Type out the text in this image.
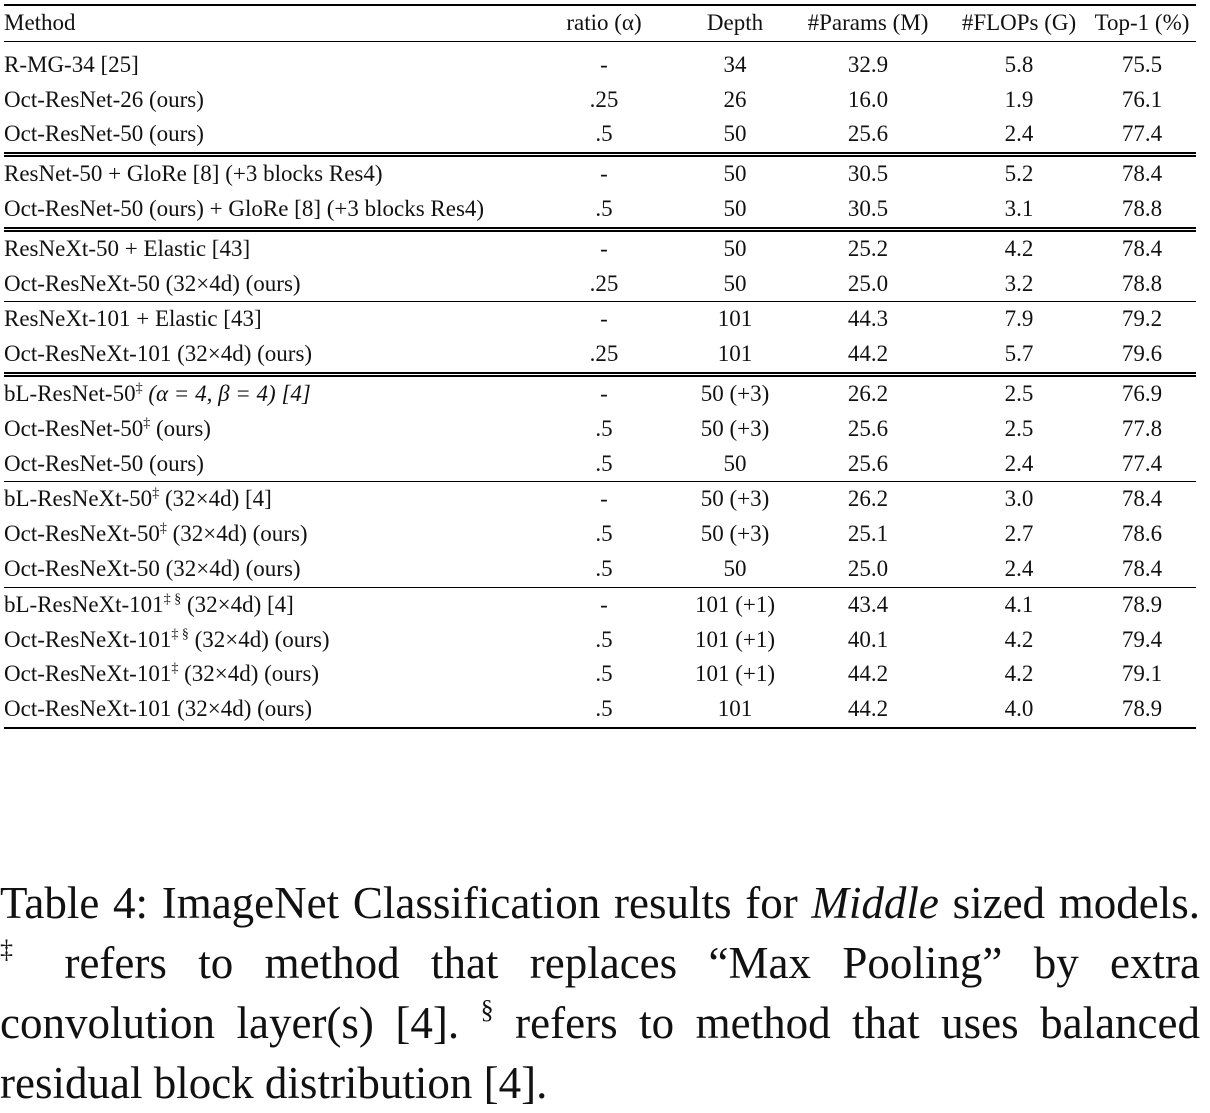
Method	ratio (α)	Depth	#Params (M)	#FLOPs (G)	Top-1 (%)
R-MG-34 [25]	-	34	32.9	5.8	75.5
Oct-ResNet-26 (ours)	.25	26	16.0	1.9	76.1
Oct-ResNet-50 (ours)	.5	50	25.6	2.4	77.4
ResNet-50 + GloRe [8] (+3 blocks Res4)	-	50	30.5	5.2	78.4
Oct-ResNet-50 (ours) + GloRe [8] (+3 blocks Res4)	.5	50	30.5	3.1	78.8
ResNeXt-50 + Elastic [43]	-	50	25.2	4.2	78.4
Oct-ResNeXt-50 (32×4d) (ours)	.25	50	25.0	3.2	78.8
ResNeXt-101 + Elastic [43]	-	101	44.3	7.9	79.2
Oct-ResNeXt-101 (32×4d) (ours)	.25	101	44.2	5.7	79.6
bL-ResNet-50‡ (α = 4, β = 4) [4]	-	50 (+3)	26.2	2.5	76.9
Oct-ResNet-50‡ (ours)	.5	50 (+3)	25.6	2.5	77.8
Oct-ResNet-50 (ours)	.5	50	25.6	2.4	77.4
bL-ResNeXt-50‡ (32×4d) [4]	-	50 (+3)	26.2	3.0	78.4
Oct-ResNeXt-50‡ (32×4d) (ours)	.5	50 (+3)	25.1	2.7	78.6
Oct-ResNeXt-50 (32×4d) (ours)	.5	50	25.0	2.4	78.4
bL-ResNeXt-101‡ § (32×4d) [4]	-	101 (+1)	43.4	4.1	78.9
Oct-ResNeXt-101‡ § (32×4d) (ours)	.5	101 (+1)	40.1	4.2	79.4
Oct-ResNeXt-101‡ (32×4d) (ours)	.5	101 (+1)	44.2	4.2	79.1
Oct-ResNeXt-101 (32×4d) (ours)	.5	101	44.2	4.0	78.9

Table 4: ImageNet Classification results for Middle sized models. ‡ refers to method that replaces “Max Pooling” by extra convolution layer(s) [4]. § refers to method that uses balanced residual block distribution [4].
